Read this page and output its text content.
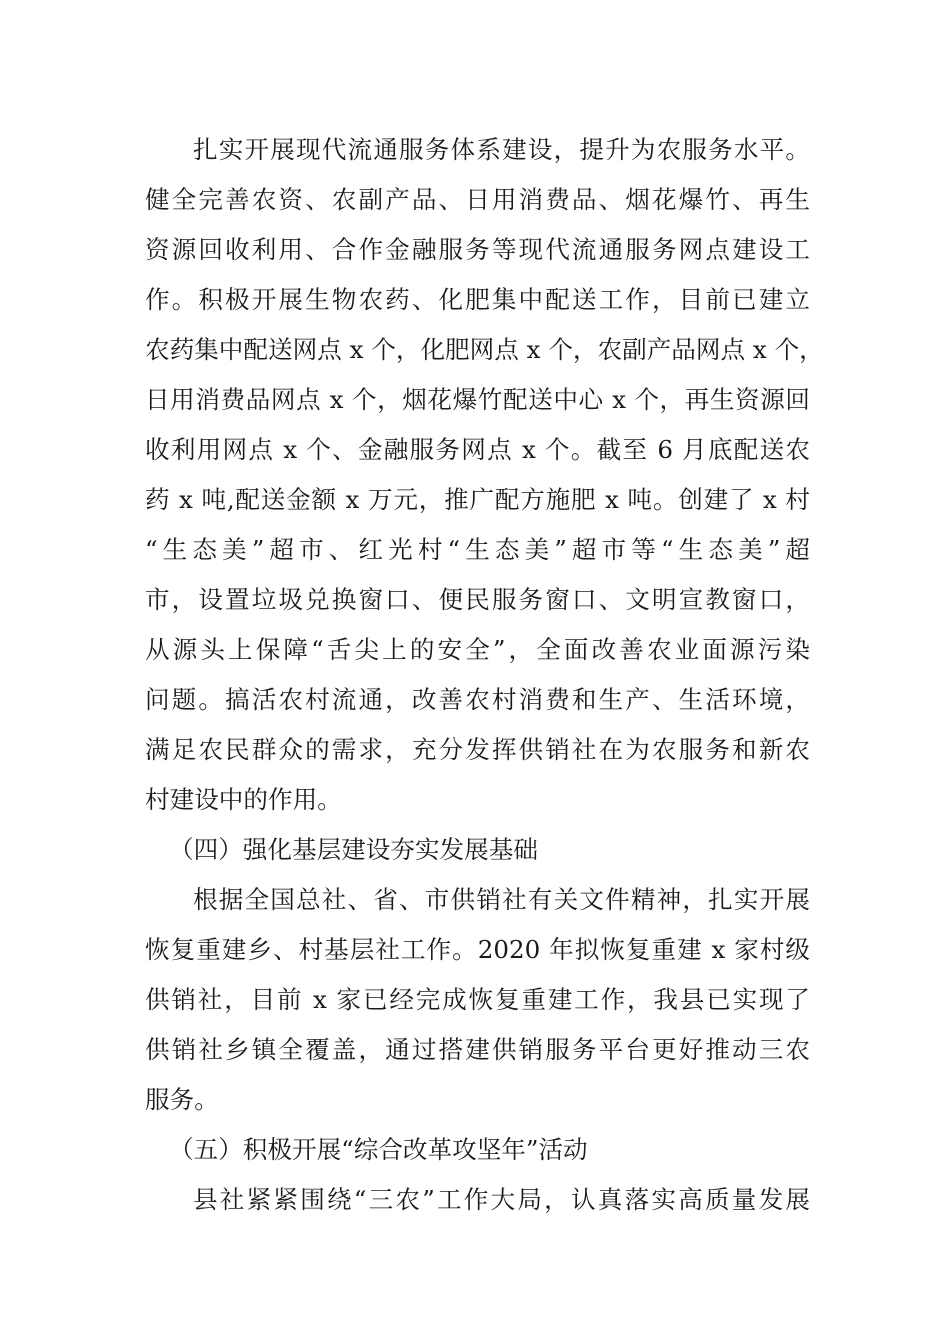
扎实开展现代流通服务体系建设，提升为农服务水平。
健全完善农资、农副产品、日用消费品、烟花爆竹、再生
资源回收利用、合作金融服务等现代流通服务网点建设工
作。积极开展生物农药、化肥集中配送工作，目前已建立
农药集中配送网点 x 个，化肥网点 x 个，农副产品网点 x 个，
日用消费品网点 x 个，烟花爆竹配送中心 x 个，再生资源回
收利用网点 x 个、金融服务网点 x 个。截至 6 月底配送农
药 x 吨,配送金额 x 万元，推广配方施肥 x 吨。创建了 x 村
“生态美”超市、红光村“生态美”超市等“生态美”超
市，设置垃圾兑换窗口、便民服务窗口、文明宣教窗口，
从源头上保障“舌尖上的安全”，全面改善农业面源污染
问题。搞活农村流通，改善农村消费和生产、生活环境，
满足农民群众的需求，充分发挥供销社在为农服务和新农
村建设中的作用。
（四）强化基层建设夯实发展基础
根据全国总社、省、市供销社有关文件精神，扎实开展
恢复重建乡、村基层社工作。2020 年拟恢复重建 x 家村级
供销社，目前 x 家已经完成恢复重建工作，我县已实现了
供销社乡镇全覆盖，通过搭建供销服务平台更好推动三农
服务。
（五）积极开展“综合改革攻坚年”活动
县社紧紧围绕“三农”工作大局，认真落实高质量发展
